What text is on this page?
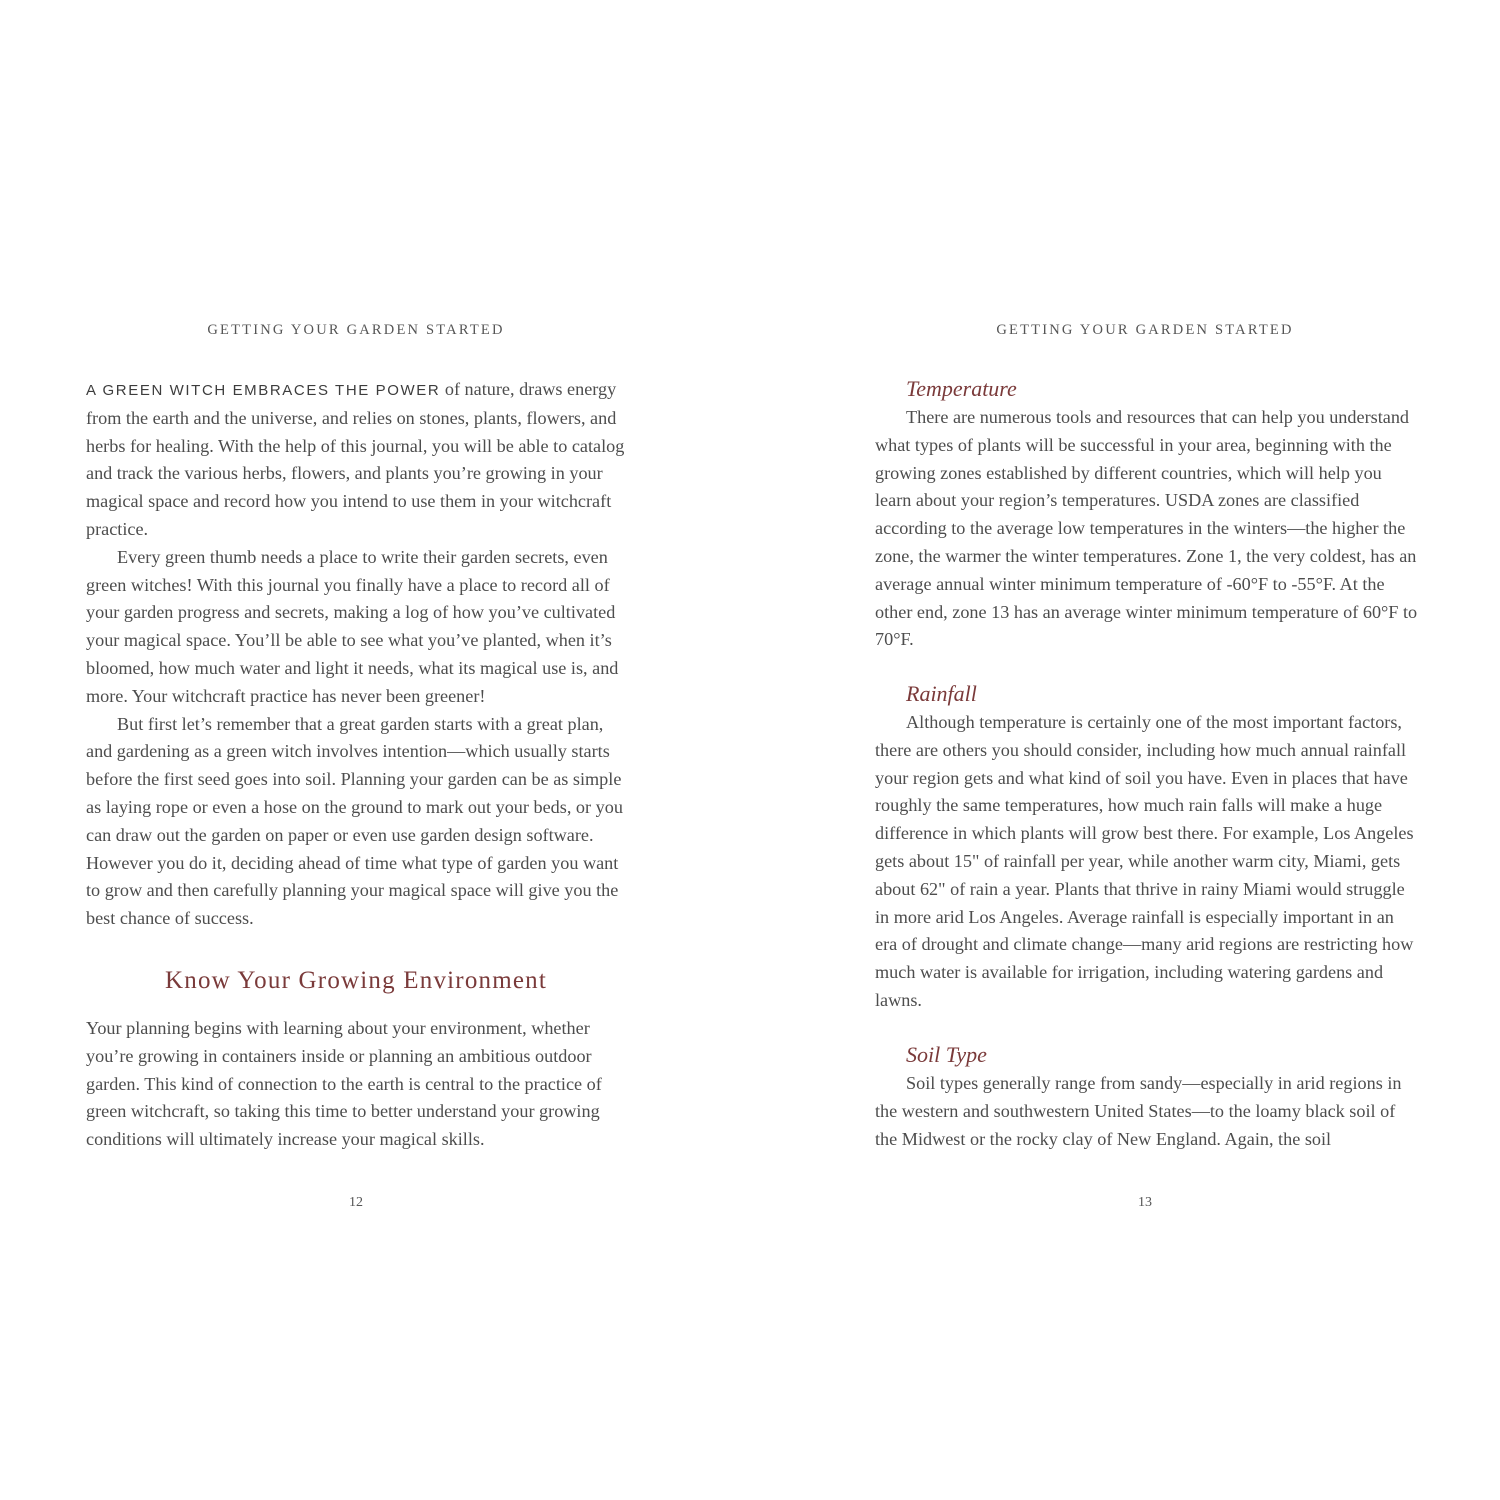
GETTING YOUR GARDEN STARTED

A GREEN WITCH EMBRACES THE POWER of nature, draws energy from the earth and the universe, and relies on stones, plants, flowers, and herbs for healing. With the help of this journal, you will be able to catalog and track the various herbs, flowers, and plants you’re growing in your magical space and record how you intend to use them in your witchcraft practice.

Every green thumb needs a place to write their garden secrets, even green witches! With this journal you finally have a place to record all of your garden progress and secrets, making a log of how you’ve cultivated your magical space. You’ll be able to see what you’ve planted, when it’s bloomed, how much water and light it needs, what its magical use is, and more. Your witchcraft practice has never been greener!

But first let’s remember that a great garden starts with a great plan, and gardening as a green witch involves intention—which usually starts before the first seed goes into soil. Planning your garden can be as simple as laying rope or even a hose on the ground to mark out your beds, or you can draw out the garden on paper or even use garden design software. However you do it, deciding ahead of time what type of garden you want to grow and then carefully planning your magical space will give you the best chance of success.

Know Your Growing Environment

Your planning begins with learning about your environment, whether you’re growing in containers inside or planning an ambitious outdoor garden. This kind of connection to the earth is central to the practice of green witchcraft, so taking this time to better understand your growing conditions will ultimately increase your magical skills.

12
GETTING YOUR GARDEN STARTED
Temperature

There are numerous tools and resources that can help you understand what types of plants will be successful in your area, beginning with the growing zones established by different countries, which will help you learn about your region’s temperatures. USDA zones are classified according to the average low temperatures in the winters—the higher the zone, the warmer the winter temperatures. Zone 1, the very coldest, has an average annual winter minimum temperature of -60°F to -55°F. At the other end, zone 13 has an average winter minimum temperature of 60°F to 70°F.

Rainfall

Although temperature is certainly one of the most important factors, there are others you should consider, including how much annual rainfall your region gets and what kind of soil you have. Even in places that have roughly the same temperatures, how much rain falls will make a huge difference in which plants will grow best there. For example, Los Angeles gets about 15" of rainfall per year, while another warm city, Miami, gets about 62" of rain a year. Plants that thrive in rainy Miami would struggle in more arid Los Angeles. Average rainfall is especially important in an era of drought and climate change—many arid regions are restricting how much water is available for irrigation, including watering gardens and lawns.

Soil Type

Soil types generally range from sandy—especially in arid regions in the western and southwestern United States—to the loamy black soil of the Midwest or the rocky clay of New England. Again, the soil

13
